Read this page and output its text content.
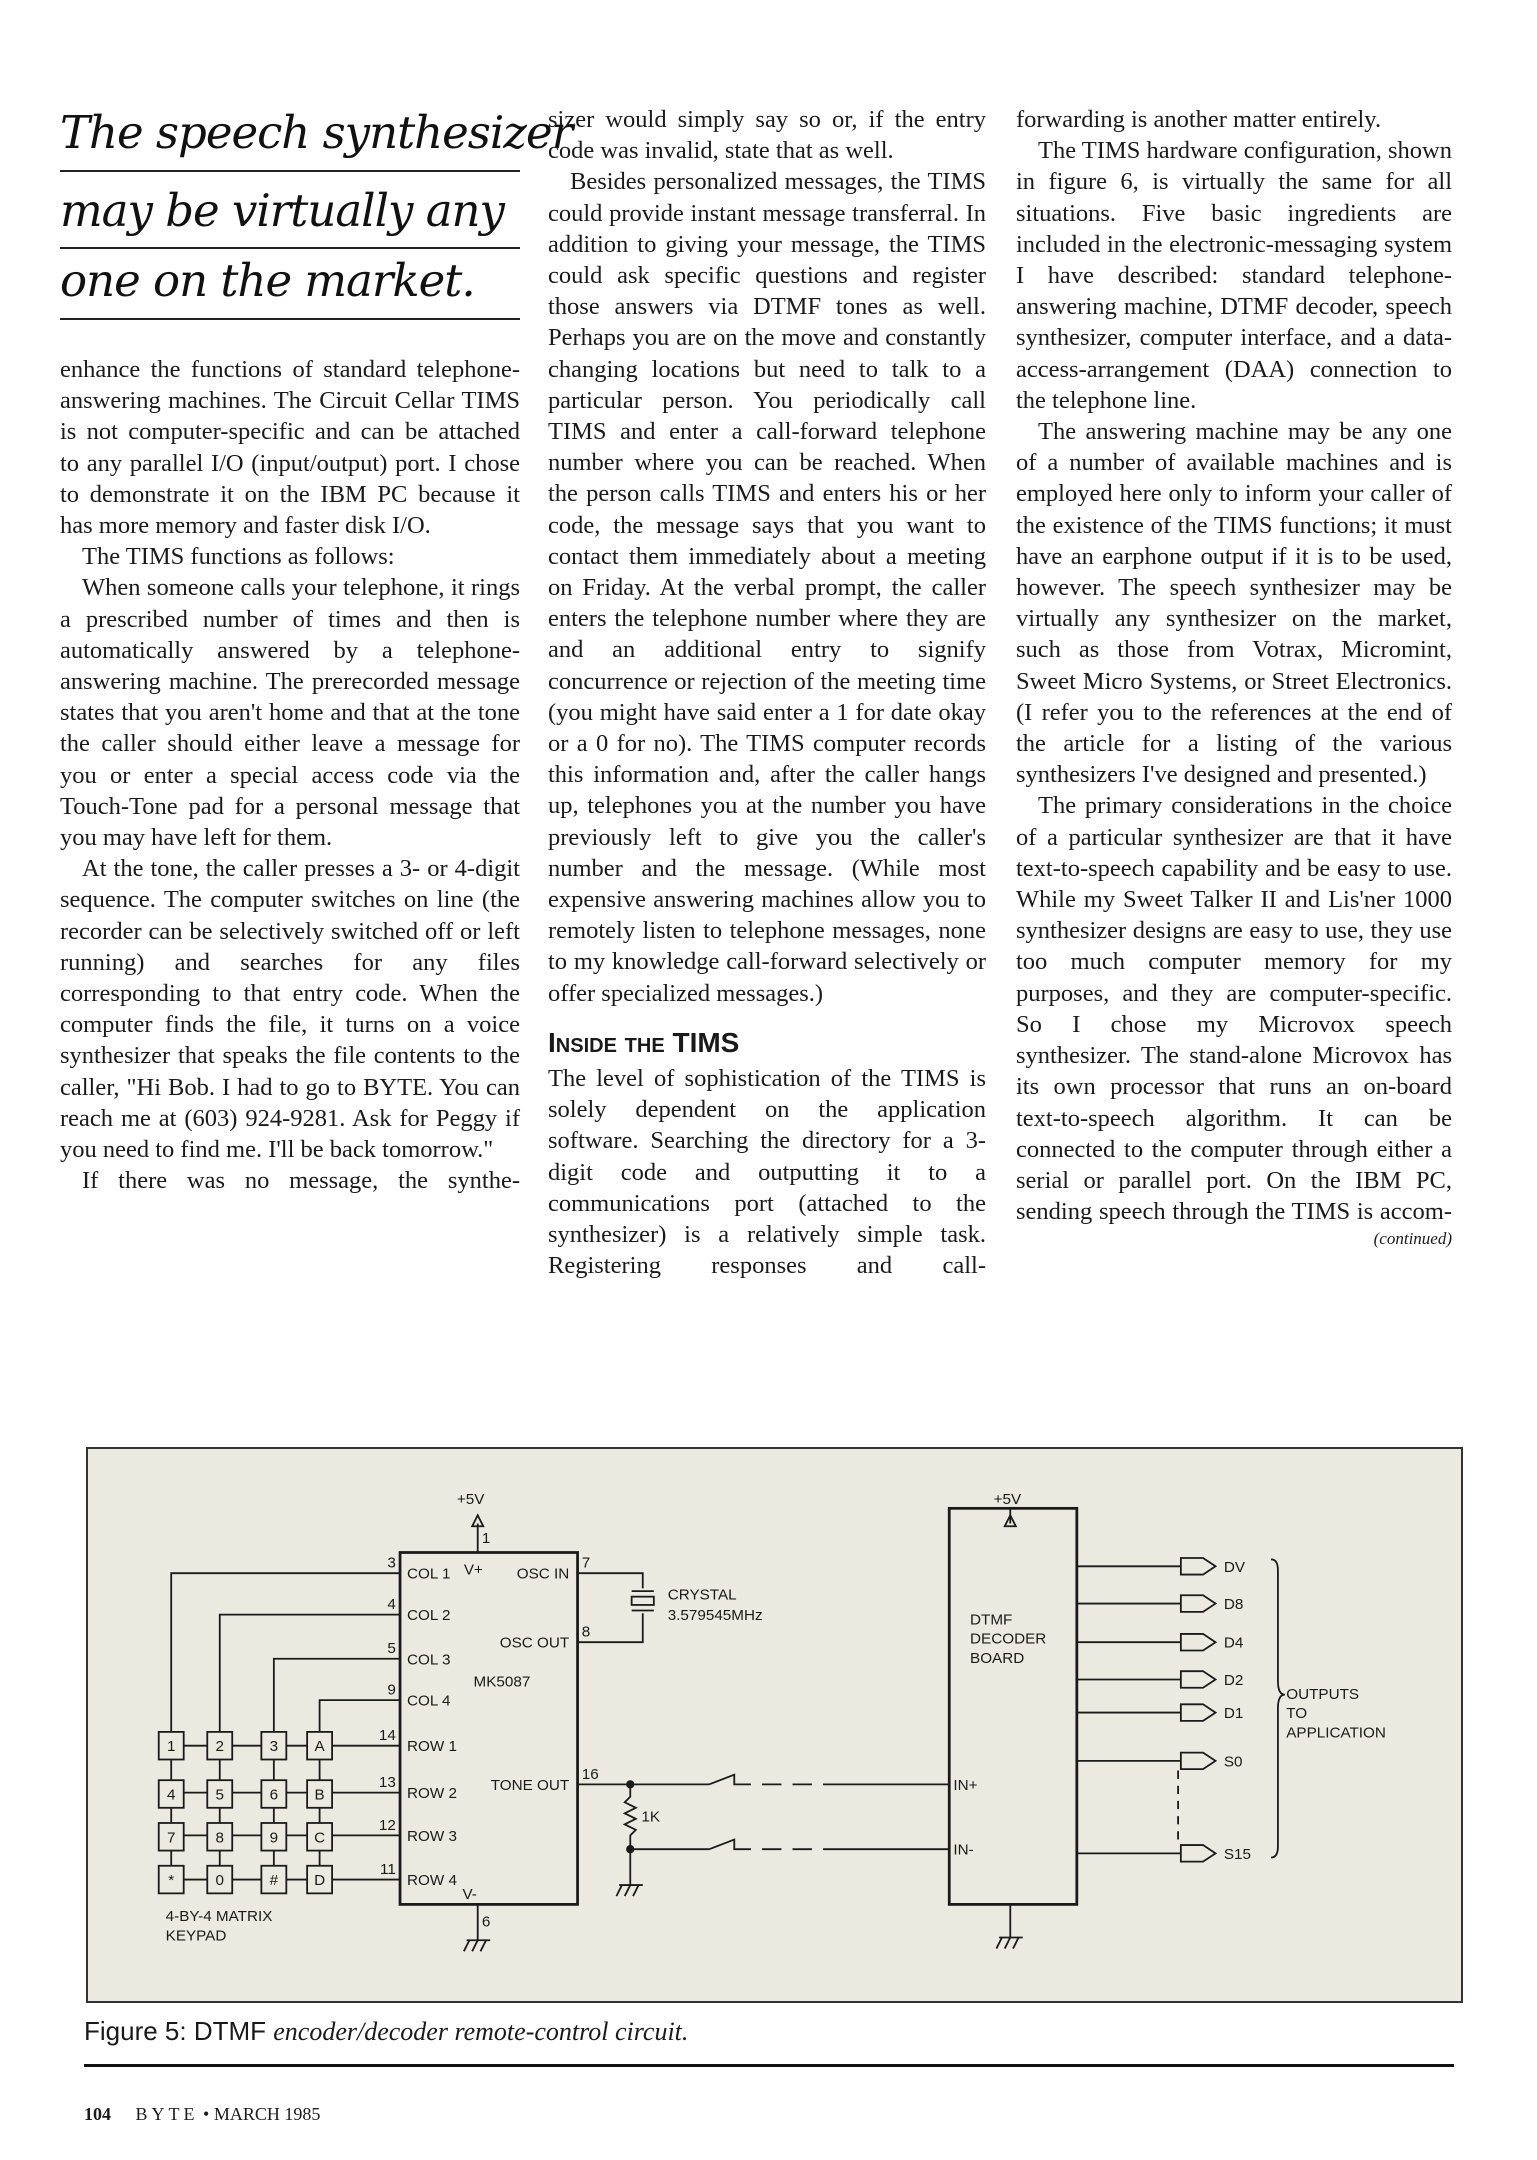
The speech synthesizer
may be virtually any
one on the market.

enhance the functions of standard telephone-answering machines. The Circuit Cellar TIMS is not computer-specific and can be attached to any parallel I/O (input/output) port. I chose to demonstrate it on the IBM PC because it has more memory and faster disk I/O.

The TIMS functions as follows:

When someone calls your telephone, it rings a prescribed number of times and then is automatically answered by a telephone-answering machine. The prerecorded message states that you aren't home and that at the tone the caller should either leave a message for you or enter a special access code via the Touch-Tone pad for a personal message that you may have left for them.

At the tone, the caller presses a 3- or 4-digit sequence. The computer switches on line (the recorder can be selectively switched off or left running) and searches for any files corresponding to that entry code. When the computer finds the file, it turns on a voice synthesizer that speaks the file contents to the caller, "Hi Bob. I had to go to BYTE. You can reach me at (603) 924-9281. Ask for Peggy if you need to find me. I'll be back tomorrow."

If there was no message, the synthe-

sizer would simply say so or, if the entry code was invalid, state that as well.

Besides personalized messages, the TIMS could provide instant message transferral. In addition to giving your message, the TIMS could ask specific questions and register those answers via DTMF tones as well. Perhaps you are on the move and constantly changing locations but need to talk to a particular person. You periodically call TIMS and enter a call-forward telephone number where you can be reached. When the person calls TIMS and enters his or her code, the message says that you want to contact them immediately about a meeting on Friday. At the verbal prompt, the caller enters the telephone number where they are and an additional entry to signify concurrence or rejection of the meeting time (you might have said enter a 1 for date okay or a 0 for no). The TIMS computer records this information and, after the caller hangs up, telephones you at the number you have previously left to give you the caller's number and the message. (While most expensive answering machines allow you to remotely listen to telephone messages, none to my knowledge call-forward selectively or offer specialized messages.)

Inside the TIMS

The level of sophistication of the TIMS is solely dependent on the application software. Searching the directory for a 3-digit code and outputting it to a communications port (attached to the synthesizer) is a relatively simple task. Registering responses and call-

forwarding is another matter entirely.

The TIMS hardware configuration, shown in figure 6, is virtually the same for all situations. Five basic ingredients are included in the electronic-messaging system I have described: standard telephone-answering machine, DTMF decoder, speech synthesizer, computer interface, and a data-access-arrangement (DAA) connection to the telephone line.

The answering machine may be any one of a number of available machines and is employed here only to inform your caller of the existence of the TIMS functions; it must have an earphone output if it is to be used, however. The speech synthesizer may be virtually any synthesizer on the market, such as those from Votrax, Micromint, Sweet Micro Systems, or Street Electronics. (I refer you to the references at the end of the article for a listing of the various synthesizers I've designed and presented.)

The primary considerations in the choice of a particular synthesizer are that it have text-to-speech capability and be easy to use. While my Sweet Talker II and Lis'ner 1000 synthesizer designs are easy to use, they use too much computer memory for my purposes, and they are computer-specific. So I chose my Microvox speech synthesizer. The stand-alone Microvox has its own processor that runs an on-board text-to-speech algorithm. It can be connected to the computer through either a serial or parallel port. On the IBM PC, sending speech through the TIMS is accom-

(continued)
1	2	3	A
4	5	6	B
7	8	9	C
*	0	#	D
DV
D8
D4
D2
D1
S0
S15
3
COL 1
4
COL 2
5
COL 3
9
COL 4
14
ROW 1
13
ROW 2
12
ROW 3
11
ROW 4
7
OSC IN
8
OSC OUT
16
TONE OUT
+5V
1
V+
V-
6
MK5087
CRYSTAL
3.579545MHz
1K
4-BY-4 MATRIX
KEYPAD
+5V
DTMF
DECODER
BOARD
IN+
IN-
OUTPUTS
TO
APPLICATION
Figure 5: DTMF encoder/decoder remote-control circuit.
104 BYTE • MARCH 1985
